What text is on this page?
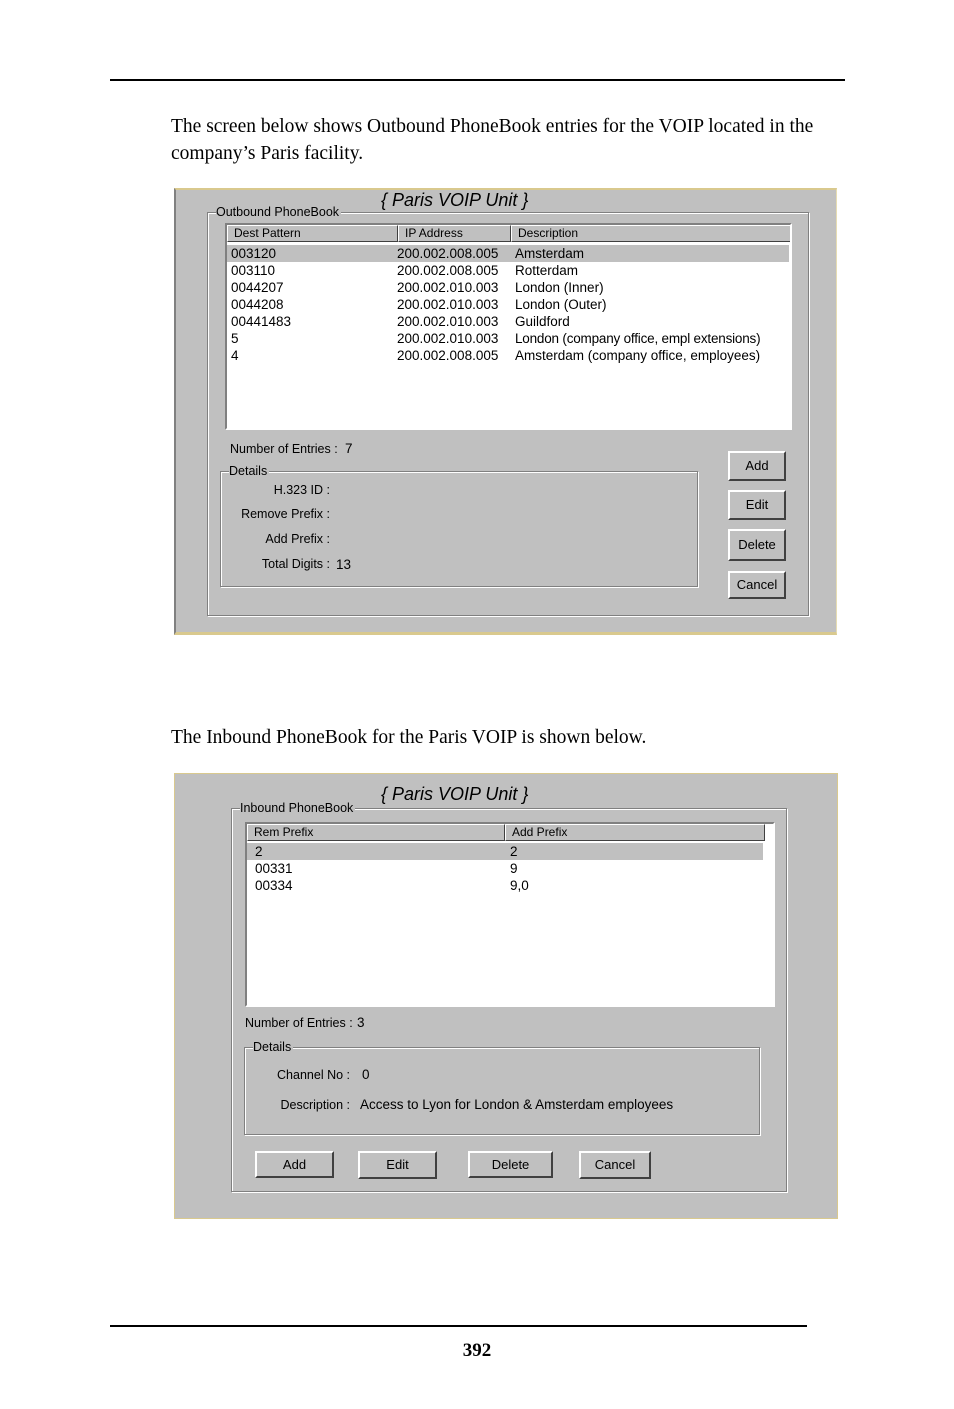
The screen below shows Outbound PhoneBook entries for the VOIP located in the company’s Paris facility.
{ Paris VOIP Unit }
Outbound PhoneBook
Dest Pattern	IP Address	Description
003120	200.002.008.005 Amsterdam
003110	200.002.008.005 Rotterdam
0044207	200.002.010.003 London (Inner)
0044208	200.002.010.003 London (Outer)
00441483	200.002.010.003 Guildford
5	200.002.010.003 London (company office, empl extensions)
4	200.002.008.005 Amsterdam (company office, employees)
Number of Entries : 7
Details
H.323 ID :
Remove Prefix :
Add Prefix :
Total Digits : 13
Add
Edit
Delete
Cancel
The Inbound PhoneBook for the Paris VOIP is shown below.
{ Paris VOIP Unit }
Inbound PhoneBook
Rem Prefix	Add Prefix
2	2
00331	9
00334	9,0
Number of Entries : 3
Details
Channel No : 0
Description : Access to Lyon for London & Amsterdam employees
Add	Edit	Delete	Cancel
392
